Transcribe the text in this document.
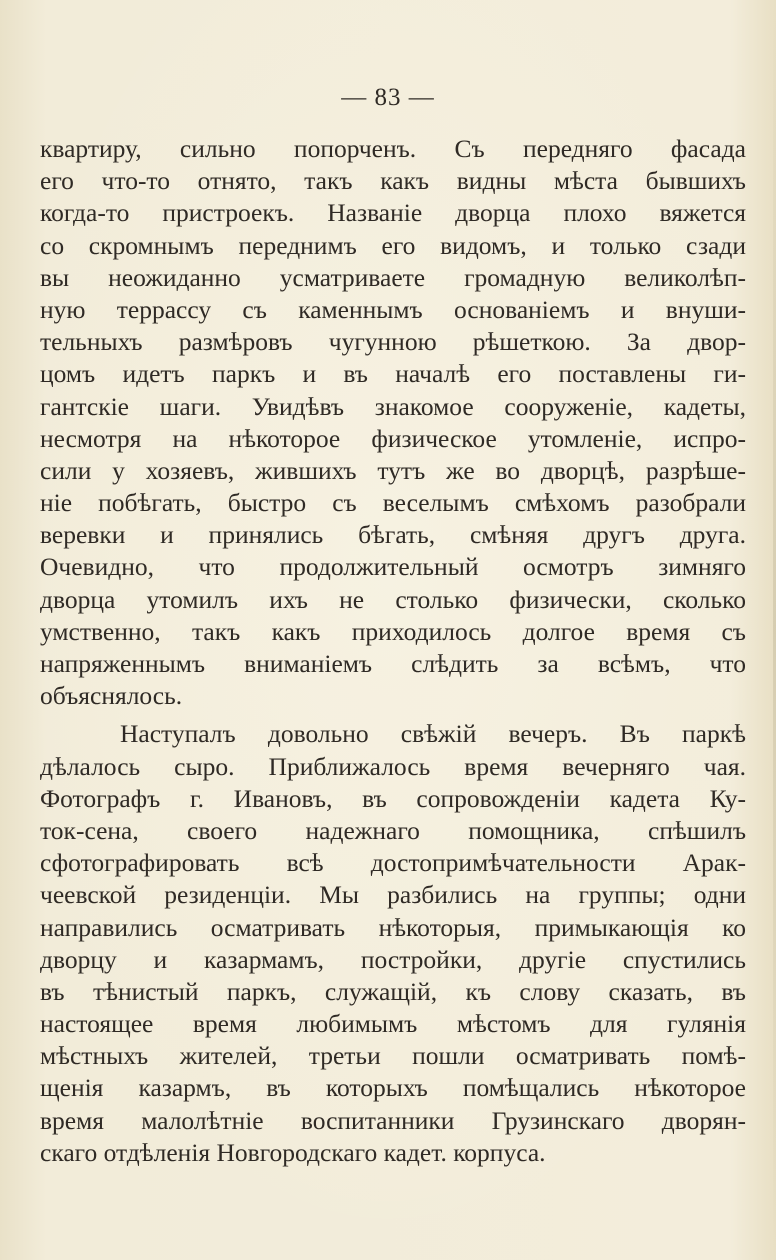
— 83 —
квартиру, сильно попорченъ. Съ передняго фасада
его что-то отнято, такъ какъ видны мѣста бывшихъ
когда-то пристроекъ. Названіе дворца плохо вяжется
со скромнымъ переднимъ его видомъ, и только сзади
вы неожиданно усматриваете громадную великолѣп-
ную террассу съ каменнымъ основаніемъ и внуши-
тельныхъ размѣровъ чугунною рѣшеткою. За двор-
цомъ идетъ паркъ и въ началѣ его поставлены ги-
гантскіе шаги. Увидѣвъ знакомое сооруженіе, кадеты,
несмотря на нѣкоторое физическое утомленіе, испро-
сили у хозяевъ, жившихъ тутъ же во дворцѣ, разрѣше-
ніе побѣгать, быстро съ веселымъ смѣхомъ разобрали
веревки и принялись бѣгать, смѣняя другъ друга.
Очевидно, что продолжительный осмотръ зимняго
дворца утомилъ ихъ не столько физически, сколько
умственно, такъ какъ приходилось долгое время съ
напряженнымъ вниманіемъ слѣдить за всѣмъ, что
объяснялось.
Наступалъ довольно свѣжій вечеръ. Въ паркѣ
дѣлалось сыро. Приближалось время вечерняго чая.
Фотографъ г. Ивановъ, въ сопровожденіи кадета Ку-
ток-сена, своего надежнаго помощника, спѣшилъ
сфотографировать всѣ достопримѣчательности Арак-
чеевской резиденціи. Мы разбились на группы; одни
направились осматривать нѣкоторыя, примыкающія ко
дворцу и казармамъ, постройки, другіе спустились
въ тѣнистый паркъ, служащій, къ слову сказать, въ
настоящее время любимымъ мѣстомъ для гулянія
мѣстныхъ жителей, третьи пошли осматривать помѣ-
щенія казармъ, въ которыхъ помѣщались нѣкоторое
время малолѣтніе воспитанники Грузинскаго дворян-
скаго отдѣленія Новгородскаго кадет. корпуса.
